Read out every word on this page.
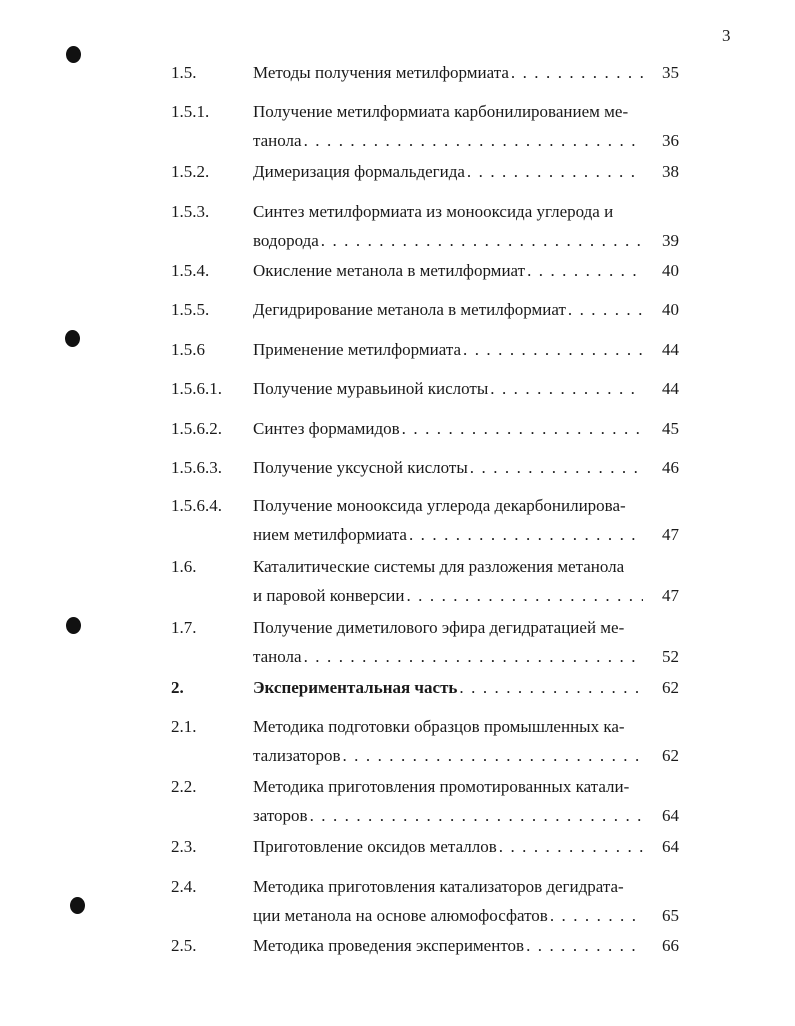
3
1.5.	Методы получения метилформиата . . .	35
1.5.1.	Получение метилформиата карбонилированием ме-
танола . . .	36
1.5.2.	Димеризация формальдегида . . .	38
1.5.3.	Синтез метилформиата из монооксида углерода и
водорода . . .	39
1.5.4.	Окисление метанола в метилформиат . . .	40
1.5.5.	Дегидрирование метанола в метилформиат . . .	40
1.5.6	Применение метилформиата . . .	44
1.5.6.1. Получение муравьиной кислоты . . .	44
1.5.6.2. Синтез формамидов . . .	45
1.5.6.3. Получение уксусной кислоты . . .	46
1.5.6.4. Получение монооксида углерода декарбонилирова-
нием метилформиата . . .	47
1.6.	Каталитические системы для разложения метанола
и паровой конверсии . . .	47
1.7.	Получение диметилового эфира дегидратацией ме-
танола . . .	52
2.	Экспериментальная часть . . .	62
2.1.	Методика подготовки образцов промышленных ка-
тализаторов . . .	62
2.2.	Методика приготовления промотированных катали-
заторов . . .	64
2.3.	Приготовление оксидов металлов . . .	64
2.4.	Методика приготовления катализаторов дегидрата-
ции метанола на основе алюмофосфатов . . .	65
2.5.	Методика проведения экспериментов . . .	66
